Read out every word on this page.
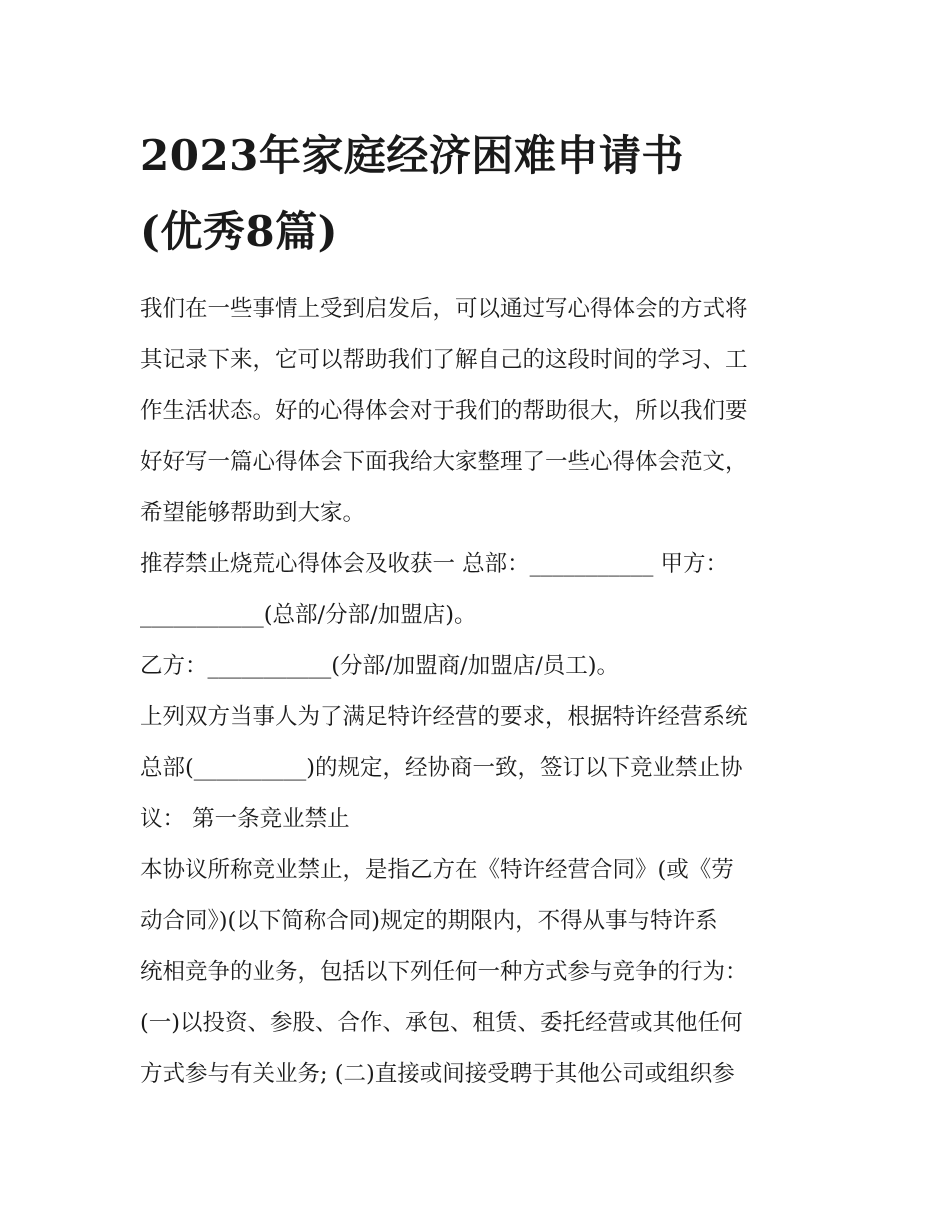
2023年家庭经济困难申请书
(优秀8篇)

我们在一些事情上受到启发后，可以通过写心得体会的方式将
其记录下来，它可以帮助我们了解自己的这段时间的学习、工
作生活状态。好的心得体会对于我们的帮助很大，所以我们要
好好写一篇心得体会下面我给大家整理了一些心得体会范文，
希望能够帮助到大家。

推荐禁止烧荒心得体会及收获一 总部：___________ 甲方：
___________(总部/分部/加盟店)。

乙方：___________(分部/加盟商/加盟店/员工)。

上列双方当事人为了满足特许经营的要求，根据特许经营系统
总部(__________)的规定，经协商一致，签订以下竞业禁止协
议： 第一条竞业禁止

本协议所称竞业禁止，是指乙方在《特许经营合同》(或《劳
动合同》)(以下简称合同)规定的期限内，不得从事与特许系
统相竞争的业务，包括以下列任何一种方式参与竞争的行为：
(一)以投资、参股、合作、承包、租赁、委托经营或其他任何
方式参与有关业务; (二)直接或间接受聘于其他公司或组织参
